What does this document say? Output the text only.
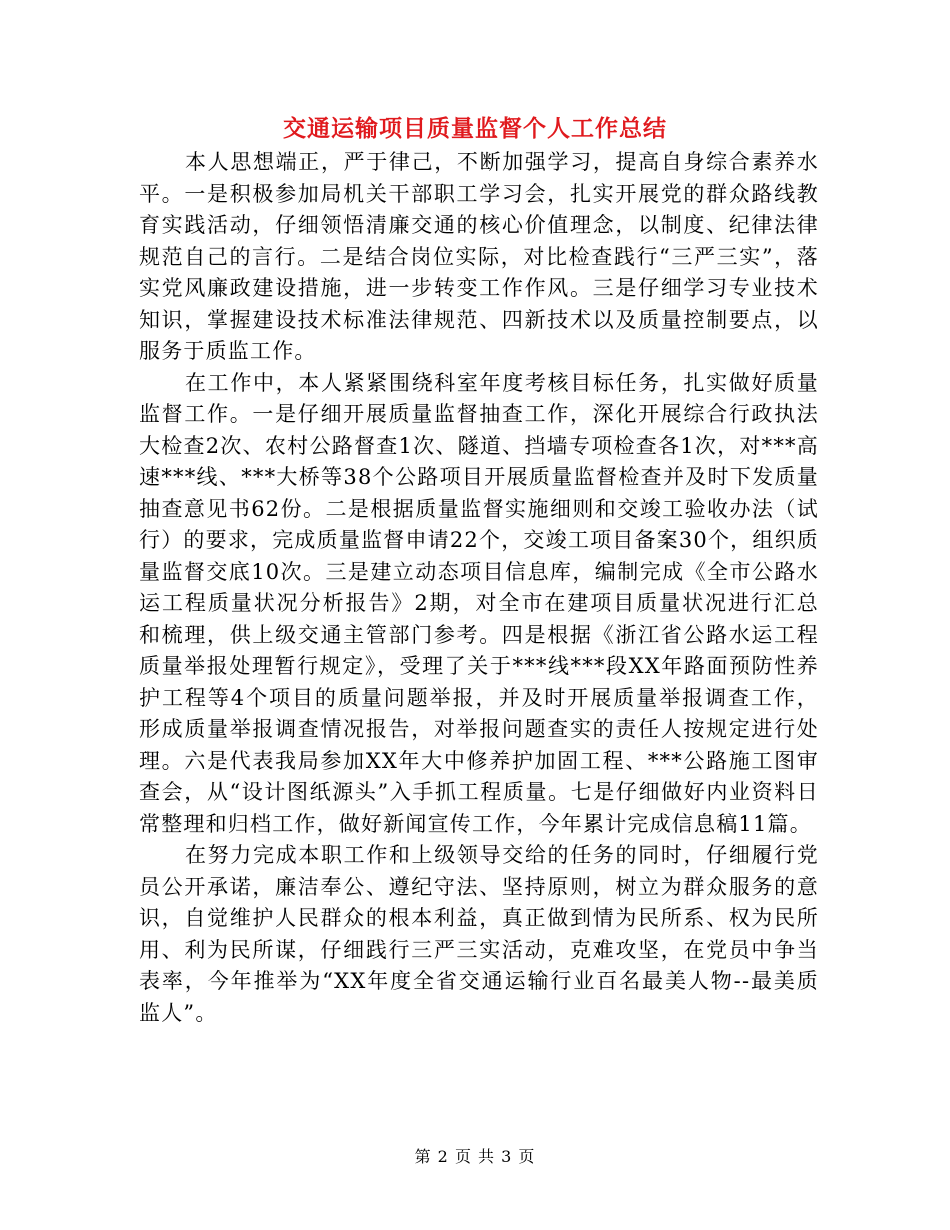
交通运输项目质量监督个人工作总结

本人思想端正，严于律己，不断加强学习，提高自身综合素养水平。一是积极参加局机关干部职工学习会，扎实开展党的群众路线教育实践活动，仔细领悟清廉交通的核心价值理念，以制度、纪律法律规范自己的言行。二是结合岗位实际，对比检查践行“三严三实”，落实党风廉政建设措施，进一步转变工作作风。三是仔细学习专业技术知识，掌握建设技术标准法律规范、四新技术以及质量控制要点，以服务于质监工作。

在工作中，本人紧紧围绕科室年度考核目标任务，扎实做好质量监督工作。一是仔细开展质量监督抽查工作，深化开展综合行政执法大检查2次、农村公路督查1次、隧道、挡墙专项检查各1次，对***高速***线、***大桥等38个公路项目开展质量监督检查并及时下发质量抽查意见书62份。二是根据质量监督实施细则和交竣工验收办法（试行）的要求，完成质量监督申请22个，交竣工项目备案30个，组织质量监督交底10次。三是建立动态项目信息库，编制完成《全市公路水运工程质量状况分析报告》2期，对全市在建项目质量状况进行汇总和梳理，供上级交通主管部门参考。四是根据《浙江省公路水运工程质量举报处理暂行规定》，受理了关于***线***段XX年路面预防性养护工程等4个项目的质量问题举报，并及时开展质量举报调查工作，形成质量举报调查情况报告，对举报问题查实的责任人按规定进行处理。六是代表我局参加XX年大中修养护加固工程、***公路施工图审查会，从“设计图纸源头”入手抓工程质量。七是仔细做好内业资料日常整理和归档工作，做好新闻宣传工作，今年累计完成信息稿11篇。

在努力完成本职工作和上级领导交给的任务的同时，仔细履行党员公开承诺，廉洁奉公、遵纪守法、坚持原则，树立为群众服务的意识，自觉维护人民群众的根本利益，真正做到情为民所系、权为民所用、利为民所谋，仔细践行三严三实活动，克难攻坚，在党员中争当表率，今年推举为“XX年度全省交通运输行业百名最美人物--最美质监人”。

第 2 页 共 3 页
